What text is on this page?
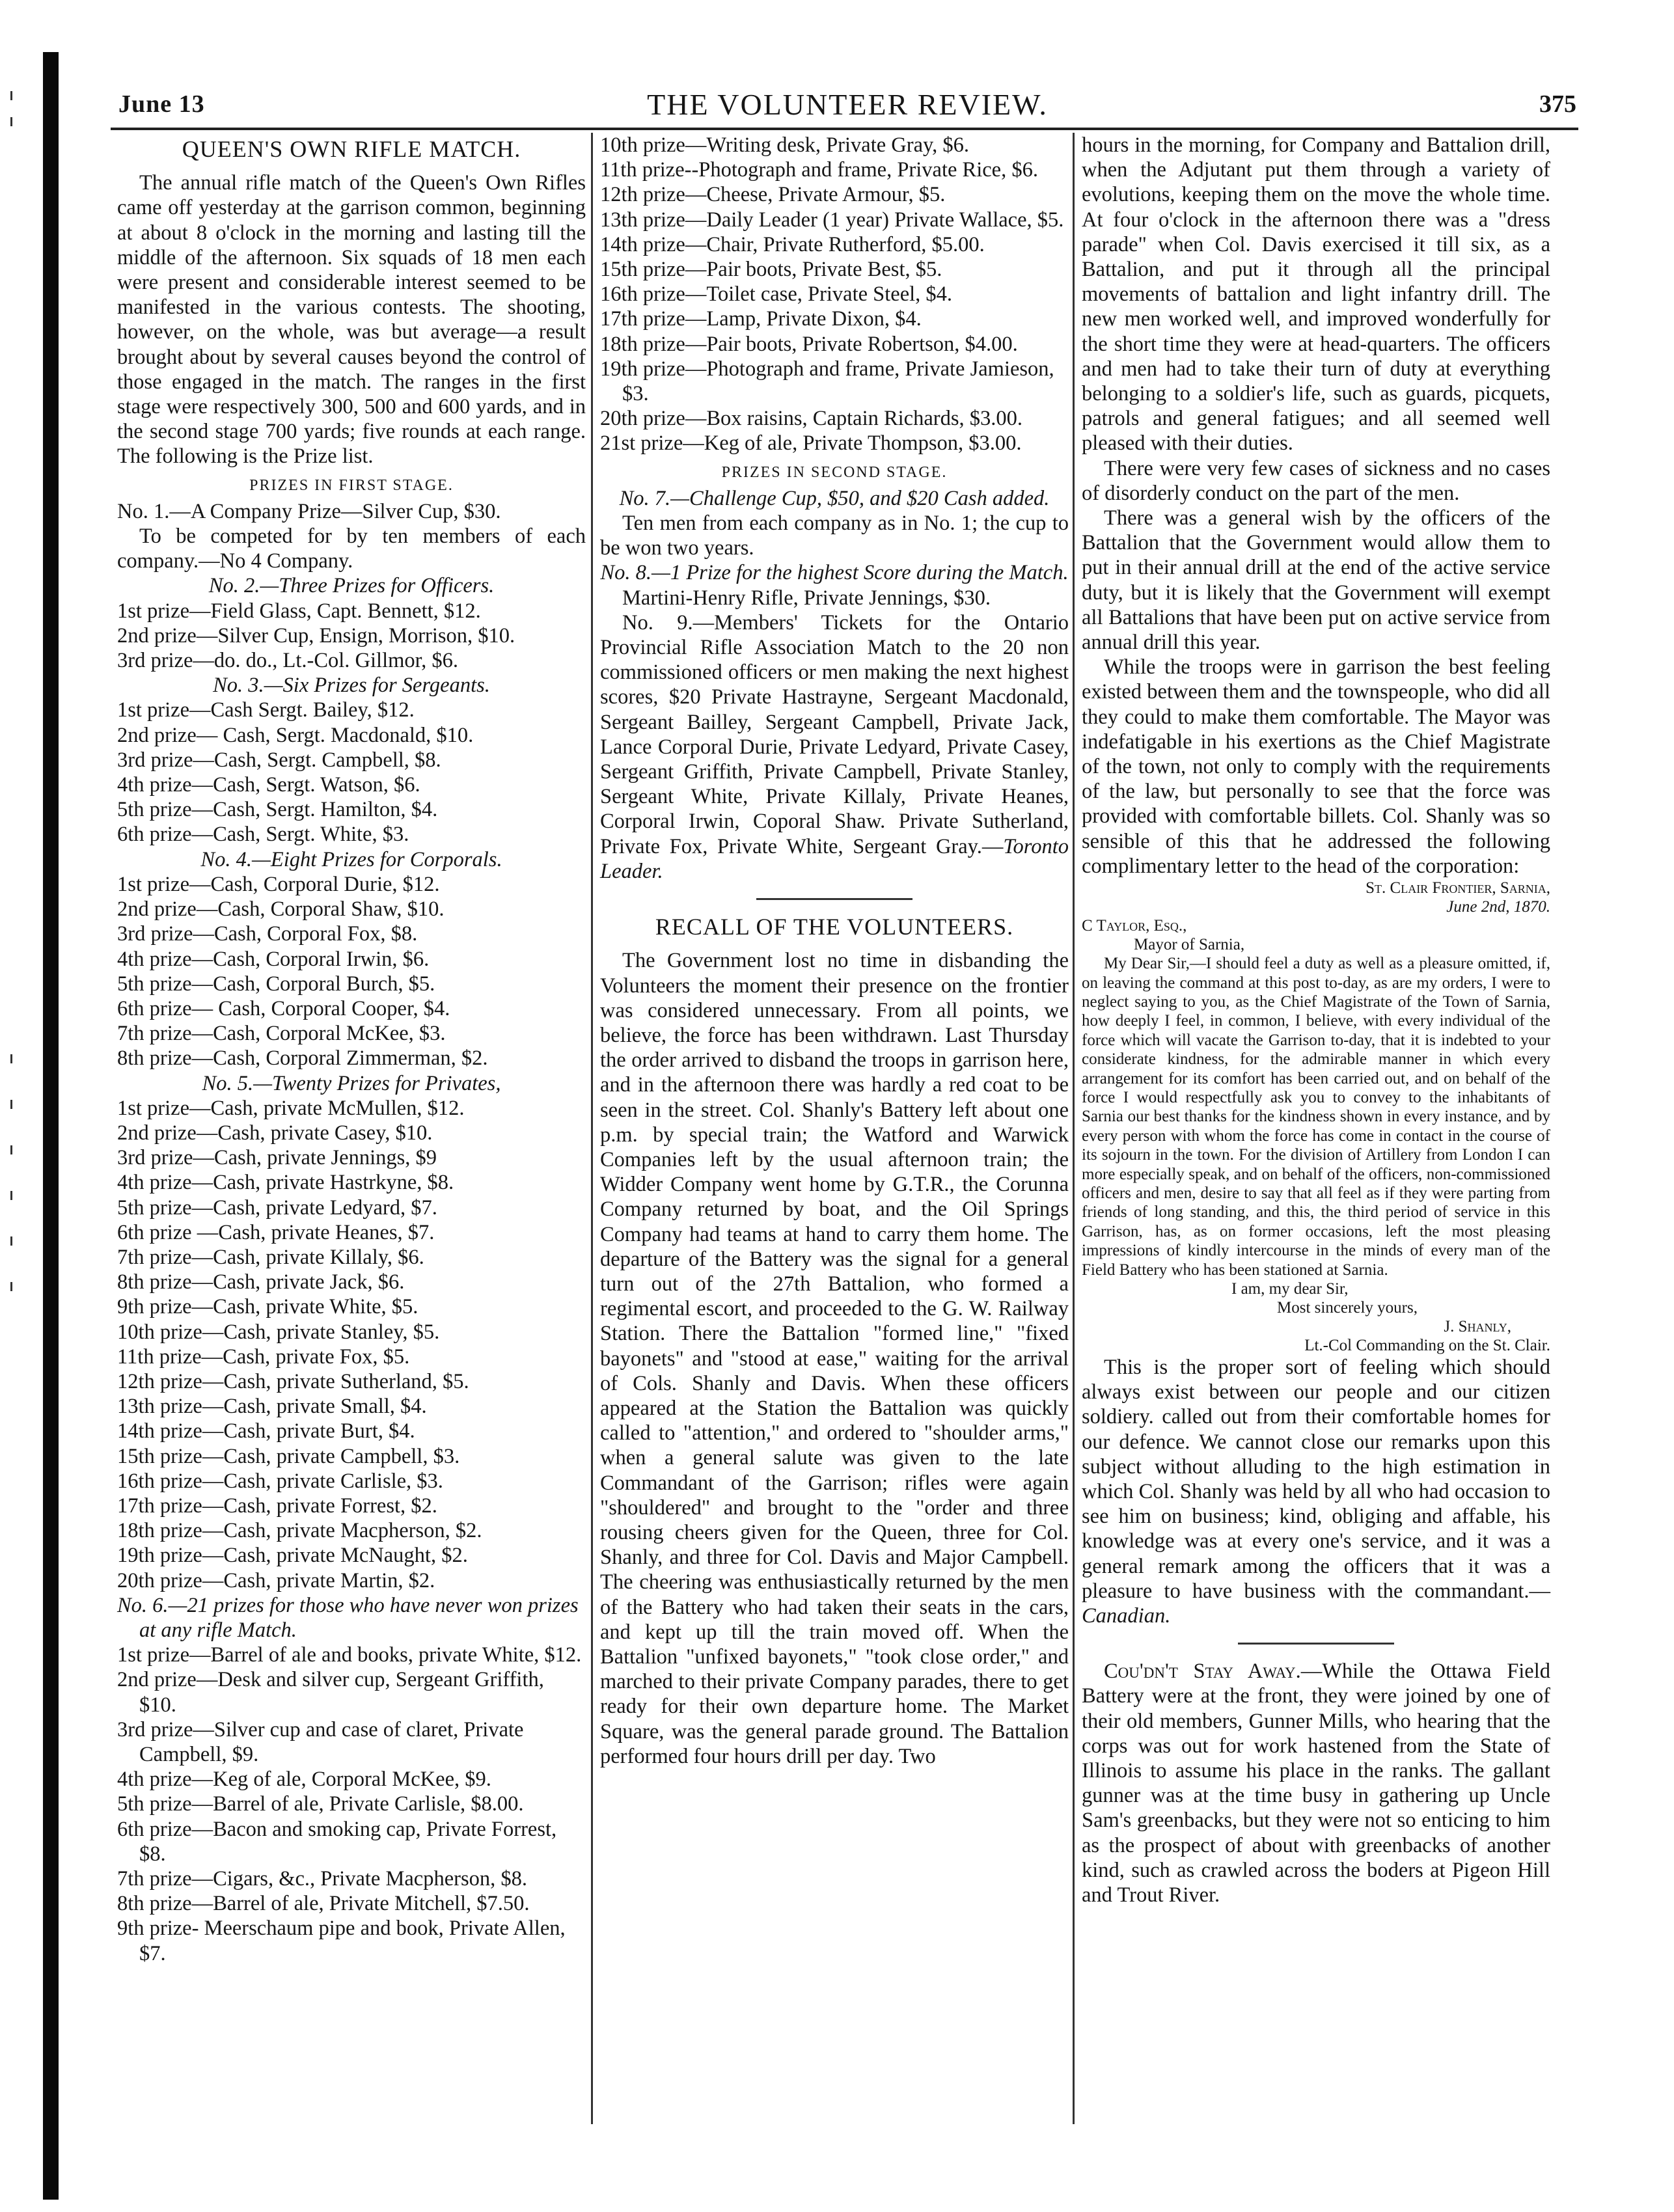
June 13	THE VOLUNTEER REVIEW.	375
QUEEN'S OWN RIFLE MATCH.

The annual rifle match of the Queen's Own Rifles came off yesterday at the garrison common, beginning at about 8 o'clock in the morning and lasting till the middle of the afternoon. Six squads of 18 men each were present and considerable interest seemed to be manifested in the various contests. The shooting, however, on the whole, was but average—a result brought about by several causes beyond the control of those engaged in the match. The ranges in the first stage were respectively 300, 500 and 600 yards, and in the second stage 700 yards; five rounds at each range. The following is the Prize list.

PRIZES IN FIRST STAGE.

No. 1.—A Company Prize—Silver Cup, $30.

To be competed for by ten members of each company.—No 4 Company.

No. 2.—Three Prizes for Officers.

1st prize—Field Glass, Capt. Bennett, $12.

2nd prize—Silver Cup, Ensign, Morrison, $10.

3rd prize—do. do., Lt.-Col. Gillmor, $6.

No. 3.—Six Prizes for Sergeants.

1st prize—Cash Sergt. Bailey, $12.

2nd prize— Cash, Sergt. Macdonald, $10.

3rd prize—Cash, Sergt. Campbell, $8.

4th prize—Cash, Sergt. Watson, $6.

5th prize—Cash, Sergt. Hamilton, $4.

6th prize—Cash, Sergt. White, $3.

No. 4.—Eight Prizes for Corporals.

1st prize—Cash, Corporal Durie, $12.

2nd prize—Cash, Corporal Shaw, $10.

3rd prize—Cash, Corporal Fox, $8.

4th prize—Cash, Corporal Irwin, $6.

5th prize—Cash, Corporal Burch, $5.

6th prize— Cash, Corporal Cooper, $4.

7th prize—Cash, Corporal McKee, $3.

8th prize—Cash, Corporal Zimmerman, $2.

No. 5.—Twenty Prizes for Privates,

1st prize—Cash, private McMullen, $12.

2nd prize—Cash, private Casey, $10.

3rd prize—Cash, private Jennings, $9

4th prize—Cash, private Hastrkyne, $8.

5th prize—Cash, private Ledyard, $7.

6th prize —Cash, private Heanes, $7.

7th prize—Cash, private Killaly, $6.

8th prize—Cash, private Jack, $6.

9th prize—Cash, private White, $5.

10th prize—Cash, private Stanley, $5.

11th prize—Cash, private Fox, $5.

12th prize—Cash, private Sutherland, $5.

13th prize—Cash, private Small, $4.

14th prize—Cash, private Burt, $4.

15th prize—Cash, private Campbell, $3.

16th prize—Cash, private Carlisle, $3.

17th prize—Cash, private Forrest, $2.

18th prize—Cash, private Macpherson, $2.

19th prize—Cash, private McNaught, $2.

20th prize—Cash, private Martin, $2.

No. 6.—21 prizes for those who have never won prizes at any rifle Match.

1st prize—Barrel of ale and books, private White, $12.

2nd prize—Desk and silver cup, Sergeant Griffith, $10.

3rd prize—Silver cup and case of claret, Private Campbell, $9.

4th prize—Keg of ale, Corporal McKee, $9.

5th prize—Barrel of ale, Private Carlisle, $8.00.

6th prize—Bacon and smoking cap, Private Forrest, $8.

7th prize—Cigars, &c., Private Macpherson, $8.

8th prize—Barrel of ale, Private Mitchell, $7.50.

9th prize- Meerschaum pipe and book, Private Allen, $7.

10th prize—Writing desk, Private Gray, $6.

11th prize--Photograph and frame, Private Rice, $6.

12th prize—Cheese, Private Armour, $5.

13th prize—Daily Leader (1 year) Private Wallace, $5.

14th prize—Chair, Private Rutherford, $5.00.

15th prize—Pair boots, Private Best, $5.

16th prize—Toilet case, Private Steel, $4.

17th prize—Lamp, Private Dixon, $4.

18th prize—Pair boots, Private Robertson, $4.00.

19th prize—Photograph and frame, Private Jamieson, $3.

20th prize—Box raisins, Captain Richards, $3.00.

21st prize—Keg of ale, Private Thompson, $3.00.

PRIZES IN SECOND STAGE.

No. 7.—Challenge Cup, $50, and $20 Cash added.

Ten men from each company as in No. 1; the cup to be won two years.

No. 8.—1 Prize for the highest Score during the Match.

Martini-Henry Rifle, Private Jennings, $30.

No. 9.—Members' Tickets for the Ontario Provincial Rifle Association Match to the 20 non commissioned officers or men making the next highest scores, $20 Private Hastrayne, Sergeant Macdonald, Sergeant Bailley, Sergeant Campbell, Private Jack, Lance Corporal Durie, Private Ledyard, Private Casey, Sergeant Griffith, Private Campbell, Private Stanley, Sergeant White, Private Killaly, Private Heanes, Corporal Irwin, Coporal Shaw. Private Sutherland, Private Fox, Private White, Sergeant Gray.—Toronto Leader.

RECALL OF THE VOLUNTEERS.

The Government lost no time in disbanding the Volunteers the moment their presence on the frontier was considered unnecessary. From all points, we believe, the force has been withdrawn. Last Thursday the order arrived to disband the troops in garrison here, and in the afternoon there was hardly a red coat to be seen in the street. Col. Shanly's Battery left about one p.m. by special train; the Watford and Warwick Companies left by the usual afternoon train; the Widder Company went home by G.T.R., the Corunna Company returned by boat, and the Oil Springs Company had teams at hand to carry them home. The departure of the Battery was the signal for a general turn out of the 27th Battalion, who formed a regimental escort, and proceeded to the G. W. Railway Station. There the Battalion "formed line," "fixed bayonets" and "stood at ease," waiting for the arrival of Cols. Shanly and Davis. When these officers appeared at the Station the Battalion was quickly called to "attention," and ordered to "shoulder arms," when a general salute was given to the late Commandant of the Garrison; rifles were again "shouldered" and brought to the "order and three rousing cheers given for the Queen, three for Col. Shanly, and three for Col. Davis and Major Campbell. The cheering was enthusiastically returned by the men of the Battery who had taken their seats in the cars, and kept up till the train moved off. When the Battalion "unfixed bayonets," "took close order," and marched to their private Company parades, there to get ready for their own departure home. The Market Square, was the general parade ground. The Battalion performed four hours drill per day. Two

hours in the morning, for Company and Battalion drill, when the Adjutant put them through a variety of evolutions, keeping them on the move the whole time. At four o'clock in the afternoon there was a "dress parade" when Col. Davis exercised it till six, as a Battalion, and put it through all the principal movements of battalion and light infantry drill. The new men worked well, and improved wonderfully for the short time they were at head-quarters. The officers and men had to take their turn of duty at everything belonging to a soldier's life, such as guards, picquets, patrols and general fatigues; and all seemed well pleased with their duties.

There were very few cases of sickness and no cases of disorderly conduct on the part of the men.

There was a general wish by the officers of the Battalion that the Government would allow them to put in their annual drill at the end of the active service duty, but it is likely that the Government will exempt all Battalions that have been put on active service from annual drill this year.

While the troops were in garrison the best feeling existed between them and the townspeople, who did all they could to make them comfortable. The Mayor was indefatigable in his exertions as the Chief Magistrate of the town, not only to comply with the requirements of the law, but personally to see that the force was provided with comfortable billets. Col. Shanly was so sensible of this that he addressed the following complimentary letter to the head of the corporation:

St. Clair Frontier, Sarnia,
June 2nd, 1870.
C Taylor, Esq.,
Mayor of Sarnia,

My Dear Sir,—I should feel a duty as well as a pleasure omitted, if, on leaving the command at this post to-day, as are my orders, I were to neglect saying to you, as the Chief Magistrate of the Town of Sarnia, how deeply I feel, in common, I believe, with every individual of the force which will vacate the Garrison to-day, that it is indebted to your considerate kindness, for the admirable manner in which every arrangement for its comfort has been carried out, and on behalf of the force I would respectfully ask you to convey to the inhabitants of Sarnia our best thanks for the kindness shown in every instance, and by every person with whom the force has come in contact in the course of its sojourn in the town. For the division of Artillery from London I can more especially speak, and on behalf of the officers, non-commissioned officers and men, desire to say that all feel as if they were parting from friends of long standing, and this, the third period of service in this Garrison, has, as on former occasions, left the most pleasing impressions of kindly intercourse in the minds of every man of the Field Battery who has been stationed at Sarnia.

I am, my dear Sir,
Most sincerely yours,
J. Shanly,
Lt.-Col Commanding on the St. Clair.

This is the proper sort of feeling which should always exist between our people and our citizen soldiery. called out from their comfortable homes for our defence. We cannot close our remarks upon this subject without alluding to the high estimation in which Col. Shanly was held by all who had occasion to see him on business; kind, obliging and affable, his knowledge was at every one's service, and it was a general remark among the officers that it was a pleasure to have business with the commandant.—Canadian.

Cou'dn't Stay Away.—While the Ottawa Field Battery were at the front, they were joined by one of their old members, Gunner Mills, who hearing that the corps was out for work hastened from the State of Illinois to assume his place in the ranks. The gallant gunner was at the time busy in gathering up Uncle Sam's greenbacks, but they were not so enticing to him as the prospect of about with greenbacks of another kind, such as crawled across the boders at Pigeon Hill and Trout River.
